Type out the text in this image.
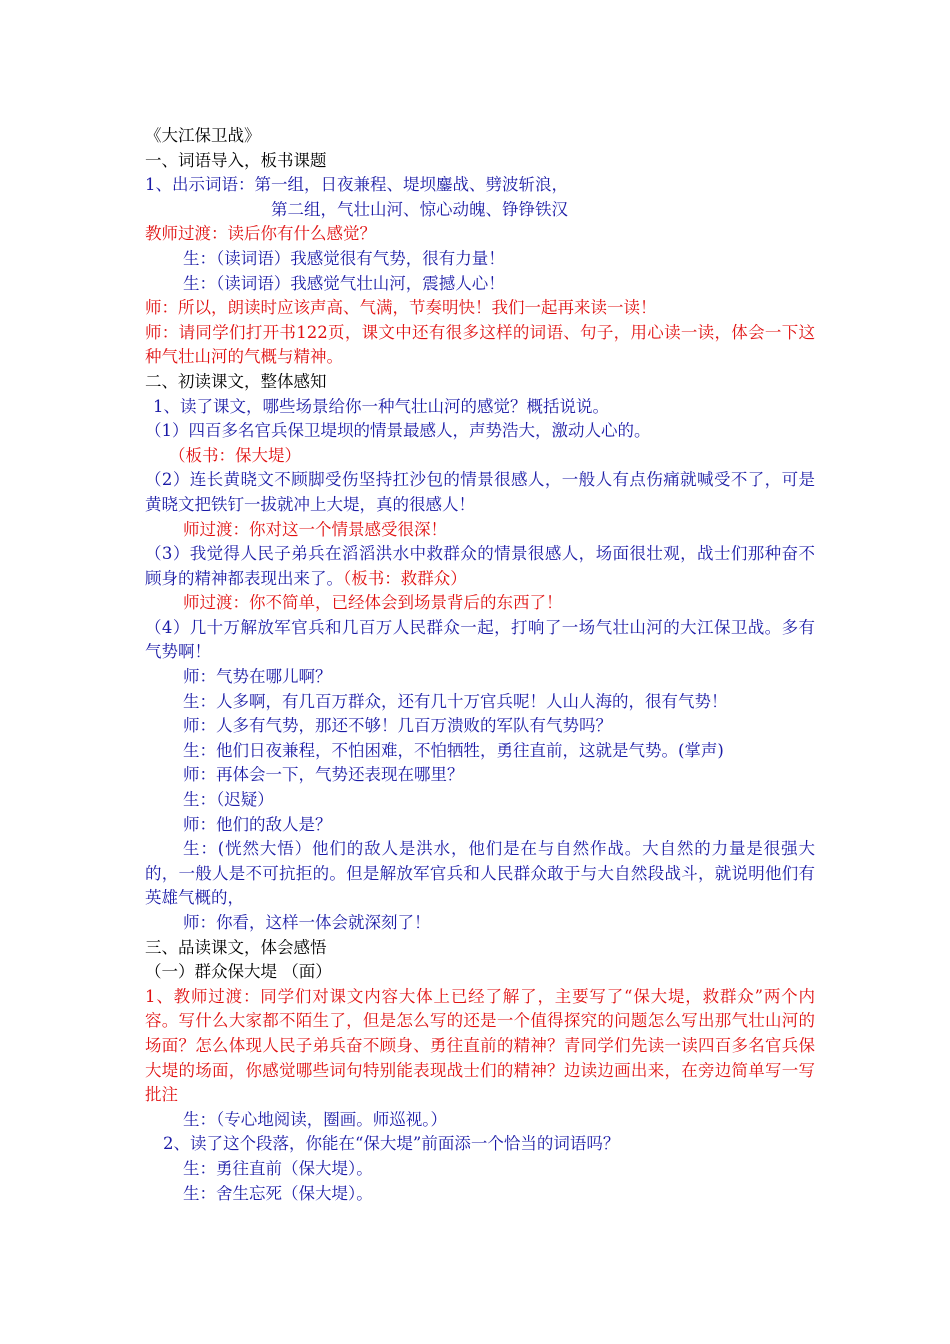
《大江保卫战》
一、词语导入，板书课题
1、出示词语：第一组，日夜兼程、堤坝鏖战、劈波斩浪，
第二组，气壮山河、惊心动魄、铮铮铁汉
教师过渡：读后你有什么感觉？
生：（读词语）我感觉很有气势，很有力量！
生：（读词语）我感觉气壮山河，震撼人心！
师：所以，朗读时应该声高、气满，节奏明快！我们一起再来读一读！
师：请同学们打开书122页，课文中还有很多这样的词语、句子，用心读一读，体会一下这种气壮山河的气概与精神。
二、初读课文，整体感知
1、读了课文，哪些场景给你一种气壮山河的感觉？概括说说。
（1）四百多名官兵保卫堤坝的情景最感人，声势浩大，激动人心的。
（板书：保大堤）
（2）连长黄晓文不顾脚受伤坚持扛沙包的情景很感人，一般人有点伤痛就喊受不了，可是黄晓文把铁钉一拔就冲上大堤，真的很感人！
师过渡：你对这一个情景感受很深！
（3）我觉得人民子弟兵在滔滔洪水中救群众的情景很感人，场面很壮观，战士们那种奋不顾身的精神都表现出来了。（板书：救群众）
师过渡：你不简单，已经体会到场景背后的东西了！
（4）几十万解放军官兵和几百万人民群众一起，打响了一场气壮山河的大江保卫战。多有气势啊！
师：气势在哪儿啊？
生：人多啊，有几百万群众，还有几十万官兵呢！人山人海的，很有气势！
师：人多有气势，那还不够！几百万溃败的军队有气势吗？
生：他们日夜兼程，不怕困难，不怕牺牲，勇往直前，这就是气势。(掌声)
师：再体会一下，气势还表现在哪里？
生：（迟疑）
师：他们的敌人是？
生：(恍然大悟）他们的敌人是洪水，他们是在与自然作战。大自然的力量是很强大的，一般人是不可抗拒的。但是解放军官兵和人民群众敢于与大自然段战斗，就说明他们有英雄气概的，
师：你看，这样一体会就深刻了！
三、品读课文，体会感悟
（一）群众保大堤 （面）
1、教师过渡：同学们对课文内容大体上已经了解了，主要写了“保大堤，救群众”两个内容。写什么大家都不陌生了，但是怎么写的还是一个值得探究的问题怎么写出那气壮山河的场面？怎么体现人民子弟兵奋不顾身、勇往直前的精神？青同学们先读一读四百多名官兵保大堤的场面，你感觉哪些词句特别能表现战士们的精神？边读边画出来，在旁边简单写一写批注
生：（专心地阅读，圈画。师巡视。）
2、读了这个段落，你能在“保大堤”前面添一个恰当的词语吗？
生：勇往直前（保大堤）。
生：舍生忘死（保大堤）。
